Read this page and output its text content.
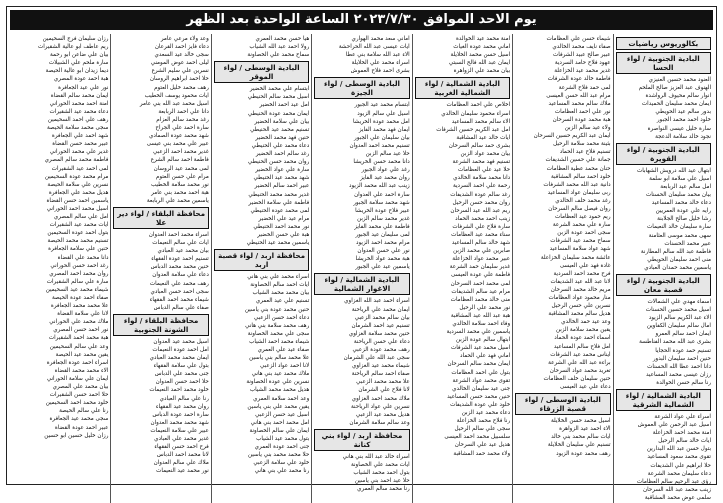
يوم الاحد الموافق ٢٠٢٣/٧/٣٠ الساعة الواحدة بعد الظهر
بكالوريوس رياضيات
البادية الجنوبية / لواء الحسا
العنود محمد حسين العنيزي
الهنوف عبد العزيز صالح الملحم
انوار سالم محيوف الرواشدة
ايمان محمد سليمان الحميدات
بدور سالم عيد الحويطي
خلود احمد محمد الجبور
سارة خليل عيسى النواصرة
نجود خالد سلامة الدعجة
البادية الجنوبية / لواء القويرة
ابتهال عيد الله درويش الشهابات
اسيل علي سلامة ابو سلمة
امل سالم عيد الربابعة
بيان محمد سليمان الحسنات
دعاء خالد محمد المساعيد
رايه علي عودة العمريين
رشا خليل صالح الجلابنة
سارة سليمان خالد النعيمات
سهى محمد موسى العثامنة
عبير محمد الحسنات
فاطمة عبد الله سالم المطارنة
منى احمد سليمان الحويطي
ياسمين محمد حمدان العبادي
البادية الجنوبية / لواء قصبة معان
اسماء مهدي علي الشمالات
اسيل محمد حسين الحسنات
الاء عبد الكريم سالم الزيود
امال سالم سليمان الكفاوين
ايمان احمد سالم العمرو
بشرى عبد الله محمد الفناطسة
تسنيم حمد عودة الحجايا
حنين احمد سليمان البدور
دانا احمد عطا الله الحسنات
رزان عيسى محمد المساعيد
رنا سالم حسن الخوالدة
البادية الشمالية / لواء الشمالية الشرقية
اسراء علي عواد الشرعة
اسيل عبد الرحمن علي العموش
امنة محمد احمد الخزاعلة
ايات خالد سالم الرحيل
بتول حسن عبد الله البدارين
تقوى محمد سعود المساعيد
حلا ابراهيم علي الشديفات
دعاء سليمان محمد الشرعة
رؤى عبد الرحيم سالم العظامات
زينب محمد عبد الله السرحان
سلمى عوض محمد المشاقبة
شيماء حسن علي العظامات
صفاء نايف محمد الخالدي
عبير صالح عبيد الشرفات
عهود فلاح حامد السردية
غدير محمد عيد الخزاعلة
فاطمة خالد عودة الشرفات
لمى حمد فلاح الشرعة
مرام عبد الله حسن العيسى
ملاك سالم محمد المساعيد
نور علي احمد العظامات
هبة محمد عودة السرحان
ولاء عيد سالم الزبن
ايمان عبد الكريم حسين السرحان
بثينة محمد سلامة الرحيل
تسنيم فلاح عيد الحماد
جمانة علي حسين الشديفات
حنان محمد عطية العظامات
خلود احمد سالم المشاقبة
دانية عبد الله محمد الشرفات
ربى سليمان عواد المساعيد
رغد محمد خلف الخالدي
روان فيصل سالم السرحان
ريم حمود عيد العظامات
سارة علي محمد الشرعة
سجى احمد عودة الزبن
سماح محمد عيد الشرفات
شهد عواد سلامة المساعيد
عائشة محمد سليمان الخزاعلة
غادة فهد علي العيسى
فرح محمد احمد السردية
لانا عبد الله عيد الشديفات
مريم خالد محمد السرحان
منار محمود عواد العظامات
نسرين علي حسن الرحيل
هديل سالم محمد المشاقبة
وعد عيد حمد الخالدي
يقين محمد سلامة الزبن
اسماء احمد عودة الحماد
امل فلاح سالم المساعيد
ايناس محمد عيد الشرفات
براءة عبد الله علي الشرعة
تغريد محمد عواد السرحان
حنين سليمان خلف العظامات
دعاء علي عيد العيسى
البادية الوسطى / لواء قصبة الزرقاء
اسيل محمد حسن الخلايلة
الاء احمد عيد الزواهرة
ايات سالم محمد بني خالد
تسنيم علي سليمان الخلايلة
رهف محمد عودة الزيود
امنة محمد عيد الخوالدة
اماني محمد عودة الغياث
اسيل حسن محمد الخلايلة
ايمان عبد الله فالح السبتي
بيان محمد علي الزواهرة
البادية الشمالية / لواء الشمالية الغربية
اخلاص علي احمد العظامات
اسراء محمود سليمان الخالدي
الاء سالم محمد المساعيد
امل عبد الكريم حسين الشرفات
ايات خالد عيد المشاقبة
بشرى حمد سالم السرحان
بيان محمد عواد الزبن
تسنيم فهد محمد الشرعة
حلا عيد علي العظامات
دانا محمد سلامة الخالدي
رحمة علي احمد السردية
رغد سالم عودة الشديفات
روان محمد حسن الرحيل
ريم عبد الله عيد السرحان
زينب احمد محمد الحماد
سارة فلاح علي الشرفات
سناء محمد عيد العظامات
شهد خالد سالم المساعيد
صابرين علي محمد الزبن
عبير محمد عواد الخزاعلة
غدير سليمان حمد الشرعة
فاطمة علي عودة العيسى
لمى محمد احمد السرحان
مرام عيد سالم الشديفات
منى خالد محمد العظامات
نور محمد علي الرحيل
هبة عبد الله عيد المشاقبة
وفاء احمد سلامة الخالدي
ياسمين علي محمد السردية
ابتهال سالم عودة الزبن
اسيل محمد عيد الشرفات
اماني فهد علي الحماد
ايمان محمد سالم السرحان
بتول علي احمد العظامات
تقوى محمد عواد الشرعة
جنى عيد سليمان الخالدي
حنين محمد حسن المساعيد
خلود علي عودة الشديفات
دعاء محمد عيد الزبن
رنا فلاح محمد الخزاعلة
سجى علي سالم الرحيل
سلسبيل محمد احمد العيسى
هديل عيد علي السرحان
ولاء محمد حمد المشاقبة
اماني سعد محمد الهواري
ايات عيسى عبد الله الحراحشة
الاء عبد الله سلامة بني عطا
اسراء محمد علي الخلايلة
بشرى احمد فلاح العموش
البادية الوسطى / لواء الجيزة
ابتسام محمد عيد الجبور
اسيل علي سالم الزيود
امل محمد عودة الخريشا
ايمان فهد محمد الفايز
بيان سليمان علي الجبور
تسنيم محمد احمد العدوان
حلا عيد سالم الزبن
دانا محمد حسن الخريشا
رغد علي عواد الجبور
روان محمد عيد الفايز
زينب عبد الله محمد الزيود
سارة احمد علي العدوان
شهد محمد سلامة الجبور
عبير فلاح عودة الخريشا
غدير محمد سالم الزبن
فاطمة علي محمد الفايز
لمى سليمان عيد الجبور
مرام محمد احمد الزيود
نور علي حسن العدوان
هبة محمد عواد الخريشا
ياسمين عيد علي الجبور
البادية الشمالية / لواء الاغوار الشمالية
اسراء احمد عبد الله الغزاوي
ايمان محمد علي الرياحنة
بيان سالم محمد الزعبي
تسنيم عيد احمد الشرمان
حنين محمد سلامة الغزاوي
دعاء علي حسن الرياحنة
رهف محمد عودة الزعبي
سجى عبد الله علي الشرمان
شيماء محمد عيد الغزاوي
صفاء احمد سالم الرياحنة
علا محمد محمد الزعبي
لانا فلاح علي الشرمان
ملاك محمد احمد الغزاوي
نسرين علي عواد الرياحنة
هديل محمد عيد الزعبي
وعد سالم سلامة الشرمان
محافظة اربد / لواء بني كنانة
اسراء خالد عبد الله بني هاني
ايات محمد علي الخصاونة
بتول احمد محمد الشياب
حلا عيد احمد بني ياسين
رنا محمد سالم العمري
هيا حسن محمد العمري
رولا احمد عبد الله الشياب
سماح محمد علي الخصاونة
البادية الوسطى / لواء الموقر
ابتسام علي محمد الخضير
اسيل محمد سالم الحنيطي
امل عيد احمد الخضير
ايمان محمد عودة الحنيطي
بيان علي سلامة الخضير
تسنيم محمد عيد الحنيطي
حنين فهد محمد الخضير
دعاء محمد علي الحنيطي
رغد سالم احمد الخضير
روان محمد حسن الحنيطي
سارة علي عواد الخضير
شهد محمد عيد الحنيطي
عبير احمد سالم الخضير
غدير محمد محمد الحنيطي
فاطمة علي سلامة الخضير
لمى محمد عودة الحنيطي
مرام عيد علي الخضير
نور محمد احمد الحنيطي
هبة علي حسن الخضير
ياسمين محمد عيد الحنيطي
محافظة اربد / لواء قصبة اربد
اسراء محمد علي بني هاني
ايات احمد سالم الخصاونة
بيان محمد محمد الشياب
تسنيم علي عيد العمري
حنين محمد عودة بني ياسين
دعاء احمد حسن الزعبي
رهف محمد سلامة بني هاني
سجى علي محمد الخصاونة
شيماء محمد احمد الشياب
صفاء عيد علي العمري
علا محمد سالم بني ياسين
لانا احمد عواد الزعبي
ملاك محمد عيد بني هاني
نسرين علي عودة الخصاونة
هديل محمد محمد الشياب
وعد احمد سلامة العمري
يقين محمد علي بني ياسين
اسيل عيد حسن الزعبي
امل محمد احمد بني هاني
ايمان علي سالم الخصاونة
بتول محمد عيد الشياب
جنى احمد عودة العمري
حلا محمد محمد بني ياسين
خلود علي سلامة الزعبي
رنا محمد علي بني هاني
وعد ولاء مرعي عامر
دعاء فايز احمد القرعان
سجى خالد عيد السعدي
ليلى احمد عوض المومني
نسرين علي سليم الشرع
حلا احمد ابراهيم الروسان
رهف محمد خليل العتوم
ايات محمود يوسف الخطيب
اسيل محمد عبد الله بني عامر
دانا علي احمد الربابعة
رغد محمد سالم العزام
سارة احمد علي الجراح
شهد محمد عودة الصمادي
عبير علي محمد بني عيسى
غدير محمد احمد الزعبي
فاطمة احمد سالم الشرع
لمى محمد عيد الروسان
مرام علي حسن العتوم
نور محمد سلامة الخطيب
هبة احمد محمد بني عامر
ياسمين محمد علي الربابعة
محافظة البلقاء / لواء دير علا
اسراء محمد احمد العدوان
ايات علي سالم النعيمات
بيان محمد عيد العبادي
تسنيم احمد عودة الفقهاء
حنين محمد محمد الدباس
دعاء علي سلامة العدوان
رهف محمد علي النعيمات
سجى احمد حسن العبادي
شيماء محمد احمد الفقهاء
صفاء علي سالم الدباس
محافظة البلقاء / لواء الشونة الجنوبية
اسيل محمد عيد العدوان
امل احمد عودة النعيمات
ايمان محمد محمد العبادي
بتول علي سلامة الفقهاء
جنى محمد علي الدباس
حلا احمد حسن العدوان
خلود محمد احمد النعيمات
رنا علي سالم العبادي
روان محمد عيد الفقهاء
سارة احمد عودة الدباس
شهد محمد محمد العدوان
عبير علي سلامة النعيمات
غدير محمد علي العبادي
فرح احمد حسن الفقهاء
لانا محمد احمد الدباس
ملاك علي سالم العدوان
نور محمد عيد النعيمات
رزان سليمان فرج السحيمين
ريم عاطف ابو عالية الشقيرات
بيان علي ضاعن ابو رحمة
سارة ملحم علي الشبيلات
ديما زيدان ابو عالية الحيصة
هبة احمد عودة المصري
نور علي عيد الجعافرة
ايمان محمد سالم القضاة
امنة احمد محمد الحوراني
دعاء محمد عيد الشقيرات
رهف علي احمد السحيمين
سجى محمد سلامة الحيصة
شهد احمد علي الجعافرة
عبير محمد حسن القضاة
غدير علي محمد الحوراني
فاطمة محمد سالم المصري
لمى احمد عيد الشقيرات
مرام محمد عودة السحيمين
نسرين علي سلامة الحيصة
هديل محمد علي الجعافرة
ياسمين احمد حسن القضاة
اسيل محمد احمد الحوراني
امل علي سالم المصري
ايات محمد عيد الشقيرات
بتول احمد عودة السحيمين
تسنيم محمد محمد الحيصة
حنين علي سلامة الجعافرة
دانا محمد علي القضاة
رغد احمد حسن الحوراني
روان محمد احمد المصري
سارة علي سالم الشقيرات
شيماء محمد عيد السحيمين
صفاء احمد عودة الحيصة
علا محمد محمد الجعافرة
لانا علي سلامة القضاة
ملاك محمد علي الحوراني
نور احمد حسن المصري
هبة محمد احمد الشقيرات
وعد علي سالم السحيمين
يقين محمد عيد الحيصة
اسراء احمد عودة الجعافرة
الاء محمد محمد القضاة
ايمان علي سلامة الحوراني
بيان محمد علي المصري
حلا احمد حسن الشقيرات
خلود محمد احمد السحيمين
رنا علي سالم الحيصة
سجى محمد عيد الجعافرة
عبير احمد عودة القضاة
رزان خليل حسين ابو حسين
